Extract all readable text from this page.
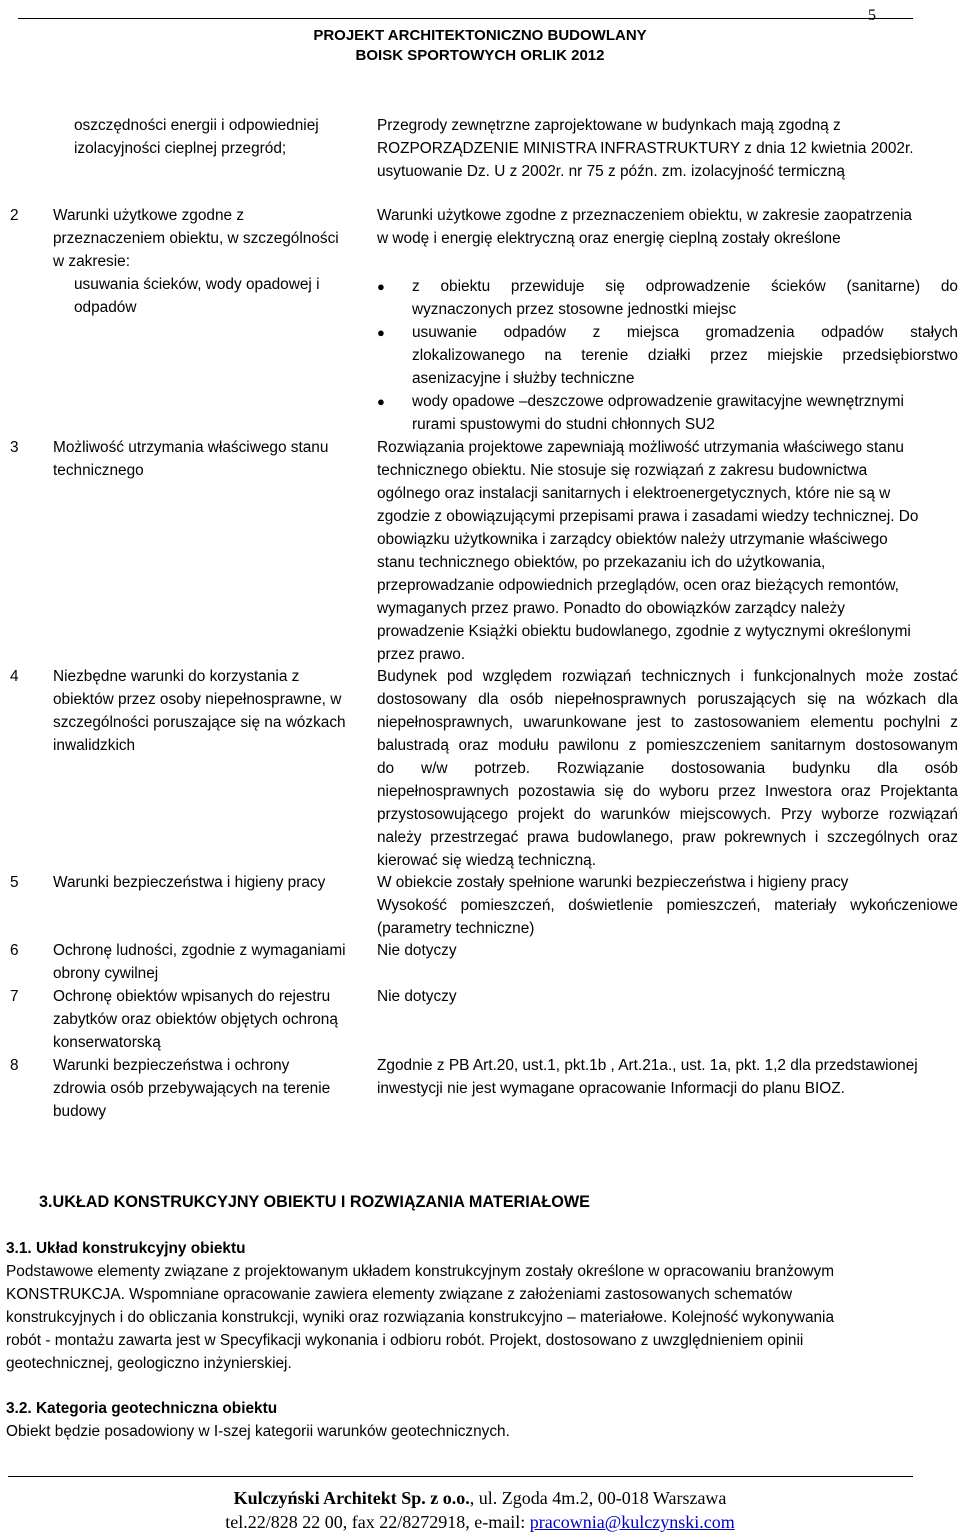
5
PROJEKT ARCHITEKTONICZNO BUDOWLANY
BOISK SPORTOWYCH ORLIK 2012

oszczędności energii i odpowiedniej

izolacyjności cieplnej przegród;

Przegrody zewnętrzne zaprojektowane w budynkach mają zgodną z

ROZPORZĄDZENIE MINISTRA INFRASTRUKTURY z dnia 12 kwietnia 2002r.

usytuowanie Dz. U z 2002r. nr 75 z późn. zm. izolacyjność termiczną

2 Warunki użytkowe zgodne z

przeznaczeniem obiektu, w szczególności

w zakresie:

usuwania ścieków, wody opadowej i

odpadów

Warunki użytkowe zgodne z przeznaczeniem obiektu, w zakresie zaopatrzenia

w wodę i energię elektryczną oraz energię cieplną zostały określone

● z obiektu przewiduje się odprowadzenie ścieków (sanitarne) do

wyznaczonych przez stosowne jednostki miejsc

● usuwanie odpadów z miejsca gromadzenia odpadów stałych

zlokalizowanego na terenie działki przez miejskie przedsiębiorstwo

asenizacyjne i służby techniczne

● wody opadowe –deszczowe odprowadzenie grawitacyjne wewnętrznymi

rurami spustowymi do studni chłonnych SU2

3 Możliwość utrzymania właściwego stanu

technicznego

Rozwiązania projektowe zapewniają możliwość utrzymania właściwego stanu

technicznego obiektu. Nie stosuje się rozwiązań z zakresu budownictwa

ogólnego oraz instalacji sanitarnych i elektroenergetycznych, które nie są w

zgodzie z obowiązującymi przepisami prawa i zasadami wiedzy technicznej. Do

obowiązku użytkownika i zarządcy obiektów należy utrzymanie właściwego

stanu technicznego obiektów, po przekazaniu ich do użytkowania,

przeprowadzanie odpowiednich przeglądów, ocen oraz bieżących remontów,

wymaganych przez prawo. Ponadto do obowiązków zarządcy należy

prowadzenie Książki obiektu budowlanego, zgodnie z wytycznymi określonymi

przez prawo.

4 Niezbędne warunki do korzystania z

obiektów przez osoby niepełnosprawne, w

szczególności poruszające się na wózkach

inwalidzkich

Budynek pod względem rozwiązań technicznych i funkcjonalnych może zostać

dostosowany dla osób niepełnosprawnych poruszających się na wózkach dla

niepełnosprawnych, uwarunkowane jest to zastosowaniem elementu pochylni z

balustradą oraz modułu pawilonu z pomieszczeniem sanitarnym dostosowanym

do w/w potrzeb. Rozwiązanie dostosowania budynku dla osób

niepełnosprawnych pozostawia się do wyboru przez Inwestora oraz Projektanta

przystosowującego projekt do warunków miejscowych. Przy wyborze rozwiązań

należy przestrzegać prawa budowlanego, praw pokrewnych i szczególnych oraz

kierować się wiedzą techniczną.

5 Warunki bezpieczeństwa i higieny pracy	W obiekcie zostały spełnione warunki bezpieczeństwa i higieny pracy

Wysokość pomieszczeń, doświetlenie pomieszczeń, materiały wykończeniowe

(parametry techniczne)

6 Ochronę ludności, zgodnie z wymaganiami

obrony cywilnej

Nie dotyczy

7 Ochronę obiektów wpisanych do rejestru

zabytków oraz obiektów objętych ochroną

konserwatorską

Nie dotyczy

8 Warunki bezpieczeństwa i ochrony

zdrowia osób przebywających na terenie

budowy

Zgodnie z PB Art.20, ust.1, pkt.1b , Art.21a., ust. 1a, pkt. 1,2 dla przedstawionej

inwestycji nie jest wymagane opracowanie Informacji do planu BIOZ.

3.UKŁAD KONSTRUKCYJNY OBIEKTU I ROZWIĄZANIA MATERIAŁOWE
3.1. Układ konstrukcyjny obiektu

Podstawowe elementy związane z projektowanym układem konstrukcyjnym zostały określone w opracowaniu branżowym

KONSTRUKCJA. Wspomniane opracowanie zawiera elementy związane z założeniami zastosowanych schematów

konstrukcyjnych i do obliczania konstrukcji, wyniki oraz rozwiązania konstrukcyjno – materiałowe. Kolejność wykonywania

robót - montażu zawarta jest w Specyfikacji wykonania i odbioru robót. Projekt, dostosowano z uwzględnieniem opinii

geotechnicznej, geologiczno inżynierskiej.

3.2. Kategoria geotechniczna obiektu

Obiekt będzie posadowiony w I-szej kategorii warunków geotechnicznych.

Kulczyński Architekt Sp. z o.o., ul. Zgoda 4m.2, 00-018 Warszawa
tel.22/828 22 00, fax 22/8272918, e-mail: pracownia@kulczynski.com
